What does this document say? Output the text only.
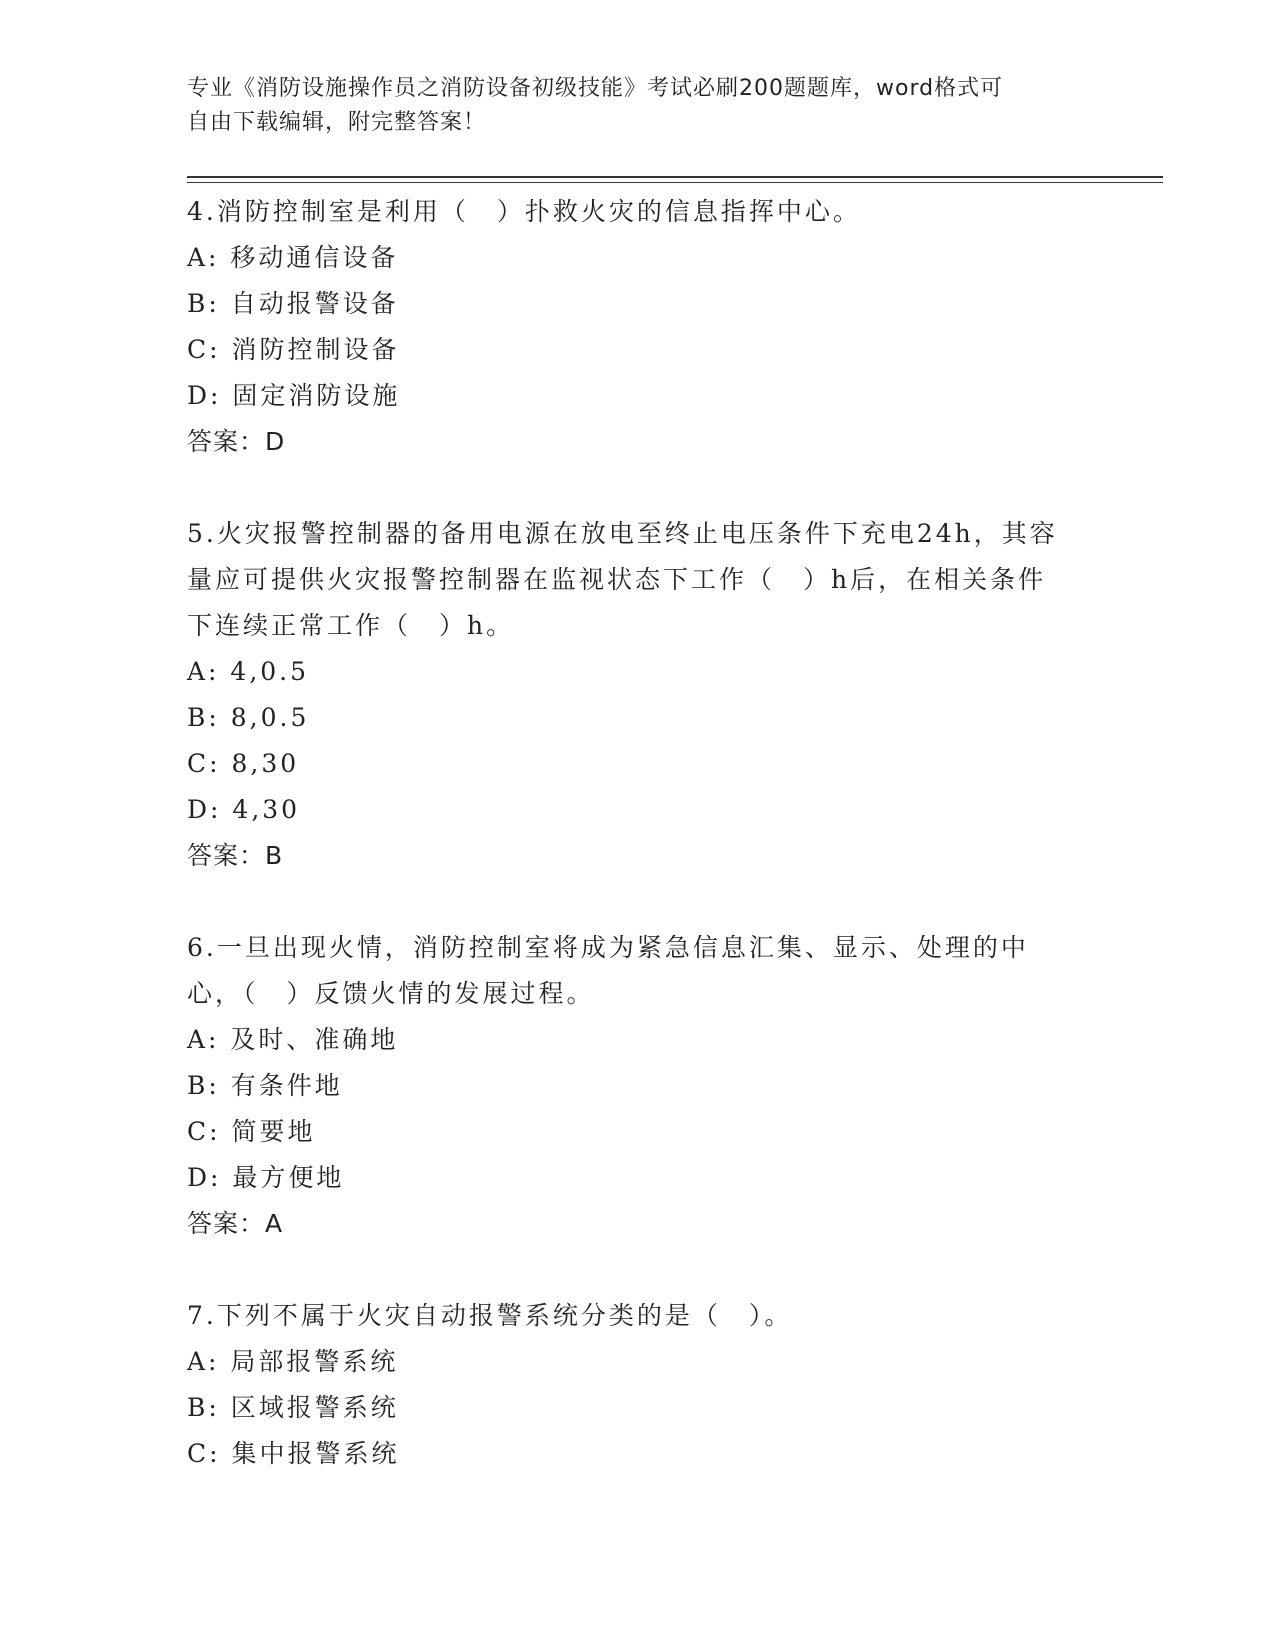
专业《消防设施操作员之消防设备初级技能》考试必刷200题题库，word格式可
自由下载编辑，附完整答案！

4.消防控制室是利用（　）扑救火灾的信息指挥中心。

A: 移动通信设备

B: 自动报警设备

C: 消防控制设备

D: 固定消防设施

答案：D

5.火灾报警控制器的备用电源在放电至终止电压条件下充电24h，其容

量应可提供火灾报警控制器在监视状态下工作（　）h后，在相关条件

下连续正常工作（　）h。

A: 4,0.5

B: 8,0.5

C: 8,30

D: 4,30

答案：B

6.一旦出现火情，消防控制室将成为紧急信息汇集、显示、处理的中

心，（　）反馈火情的发展过程。

A: 及时、准确地

B: 有条件地

C: 简要地

D: 最方便地

答案：A

7.下列不属于火灾自动报警系统分类的是（　）。

A: 局部报警系统

B: 区域报警系统

C: 集中报警系统
